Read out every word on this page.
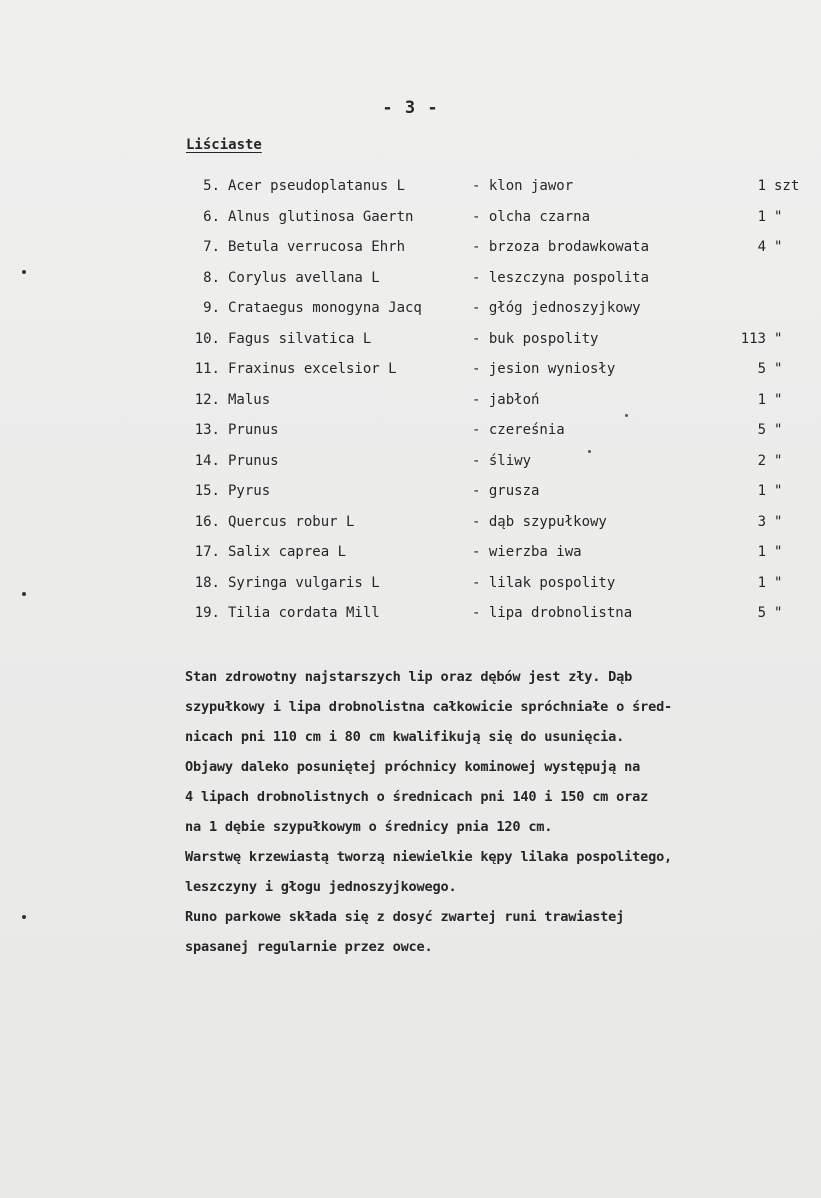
- 3 -
Liściaste
5. Acer pseudoplatanus L	- klon jawor	1 szt
6. Alnus glutinosa Gaertn	- olcha czarna	1 "
7. Betula verrucosa Ehrh	- brzoza brodawkowata	4 "
8. Corylus avellana L	- leszczyna pospolita
9. Crataegus monogyna Jacq	- głóg jednoszyjkowy
10. Fagus silvatica L	- buk pospolity	113 "
11. Fraxinus excelsior L	- jesion wyniosły	5 "
12. Malus	- jabłoń	1 "
13. Prunus	- czereśnia	5 "
14. Prunus	- śliwy	2 "
15. Pyrus	- grusza	1 "
16. Quercus robur L	- dąb szypułkowy	3 "
17. Salix caprea L	- wierzba iwa	1 "
18. Syringa vulgaris L	- lilak pospolity	1 "
19. Tilia cordata Mill	- lipa drobnolistna	5 "

Stan zdrowotny najstarszych lip oraz dębów jest zły. Dąb

szypułkowy i lipa drobnolistna całkowicie spróchniałe o śred-

nicach pni 110 cm i 80 cm kwalifikują się do usunięcia.

Objawy daleko posuniętej próchnicy kominowej występują na

4 lipach drobnolistnych o średnicach pni 140 i 150 cm oraz

na 1 dębie szypułkowym o średnicy pnia 120 cm.

Warstwę krzewiastą tworzą niewielkie kępy lilaka pospolitego,

leszczyny i głogu jednoszyjkowego.

Runo parkowe składa się z dosyć zwartej runi trawiastej

spasanej regularnie przez owce.
